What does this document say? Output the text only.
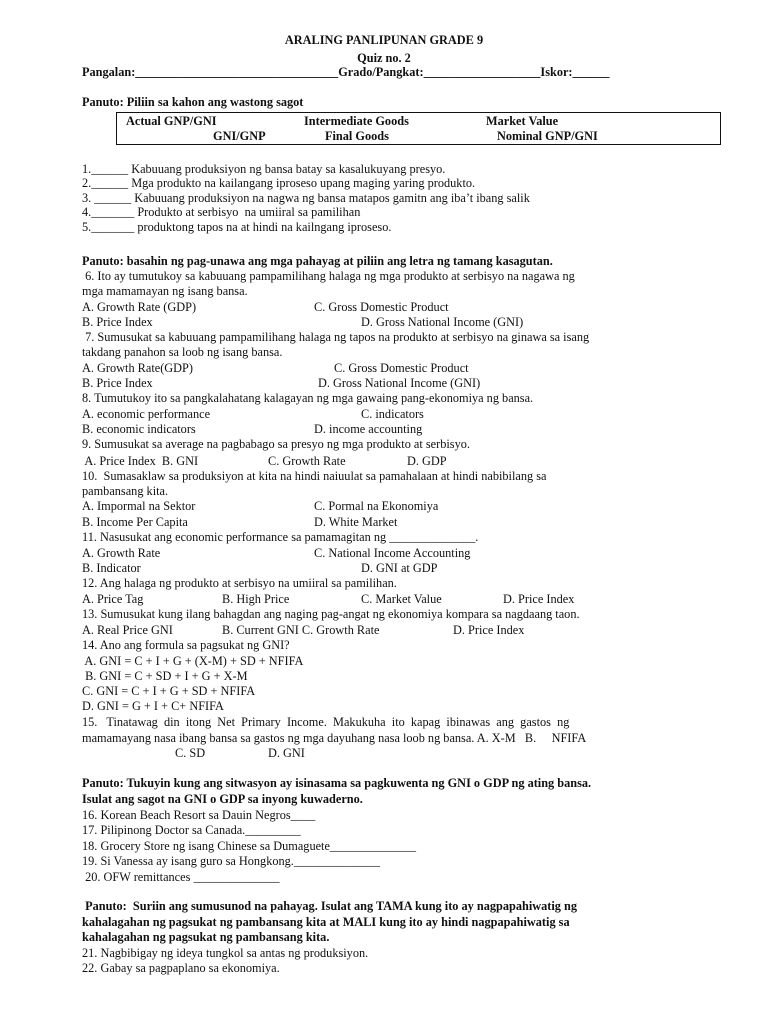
ARALING PANLIPUNAN GRADE 9
Quiz no. 2
Pangalan:_________________________________Grado/Pangkat:___________________Iskor:______
Panuto: Piliin sa kahon ang wastong sagot
Actual GNP/GNI	Intermediate Goods	Market Value
GNI/GNP	Final Goods	Nominal GNP/GNI
1.______ Kabuuang produksiyon ng bansa batay sa kasalukuyang presyo.
2.______ Mga produkto na kailangang iproseso upang maging yaring produkto.
3. ______ Kabuuang produksiyon na nagwa ng bansa matapos gamitn ang iba’t ibang salik
4._______ Produkto at serbisyo  na umiiral sa pamilihan
5._______ produktong tapos na at hindi na kailngang iproseso.
Panuto: basahin ng pag-unawa ang mga pahayag at piliin ang letra ng tamang kasagutan.
6. Ito ay tumutukoy sa kabuuang pampamilihang halaga ng mga produkto at serbisyo na nagawa ng
mga mamamayan ng isang bansa.
A. Growth Rate (GDP)	C. Gross Domestic Product
B. Price Index	D. Gross National Income (GNI)
7. Sumusukat sa kabuuang pampamilihang halaga ng tapos na produkto at serbisyo na ginawa sa isang
takdang panahon sa loob ng isang bansa.
A. Growth Rate(GDP)	C. Gross Domestic Product
B. Price Index	D. Gross National Income (GNI)
8. Tumutukoy ito sa pangkalahatang kalagayan ng mga gawaing pang-ekonomiya ng bansa.
A. economic performance	C. indicators
B. economic indicators	D. income accounting
9. Sumusukat sa average na pagbabago sa presyo ng mga produkto at serbisyo.
A. Price Index  B. GNI	C. Growth Rate	D. GDP
10.  Sumasaklaw sa produksiyon at kita na hindi naiuulat sa pamahalaan at hindi nabibilang sa
pambansang kita.
A. Impormal na Sektor	C. Pormal na Ekonomiya
B. Income Per Capita	D. White Market
11. Nasusukat ang economic performance sa pamamagitan ng ______________.
A. Growth Rate	C. National Income Accounting
B. Indicator	D. GNI at GDP
12. Ang halaga ng produkto at serbisyo na umiiral sa pamilihan.
A. Price Tag	B. High Price	C. Market Value	D. Price Index
13. Sumusukat kung ilang bahagdan ang naging pag-angat ng ekonomiya kompara sa nagdaang taon.
A. Real Price GNI	B. Current GNI C. Growth Rate	D. Price Index
14. Ano ang formula sa pagsukat ng GNI?
A. GNI = C + I + G + (X-M) + SD + NFIFA
B. GNI = C + SD + I + G + X-M
C. GNI = C + I + G + SD + NFIFA
D. GNI = G + I + C+ NFIFA
15.   Tinatawag  din  itong  Net  Primary  Income.  Makukuha  ito  kapag  ibinawas  ang  gastos  ng
mamamayang nasa ibang bansa sa gastos ng mga dayuhang nasa loob ng bansa. A. X-M   B.     NFIFA
C. SD	D. GNI
Panuto: Tukuyin kung ang sitwasyon ay isinasama sa pagkuwenta ng GNI o GDP ng ating bansa.
Isulat ang sagot na GNI o GDP sa inyong kuwaderno.
16. Korean Beach Resort sa Dauin Negros____
17. Pilipinong Doctor sa Canada._________
18. Grocery Store ng isang Chinese sa Dumaguete______________
19. Si Vanessa ay isang guro sa Hongkong.______________
20. OFW remittances ______________
Panuto:  Suriin ang sumusunod na pahayag. Isulat ang TAMA kung ito ay nagpapahiwatig ng
kahalagahan ng pagsukat ng pambansang kita at MALI kung ito ay hindi nagpapahiwatig sa
kahalagahan ng pagsukat ng pambansang kita.
21. Nagbibigay ng ideya tungkol sa antas ng produksiyon.
22. Gabay sa pagpaplano sa ekonomiya.
